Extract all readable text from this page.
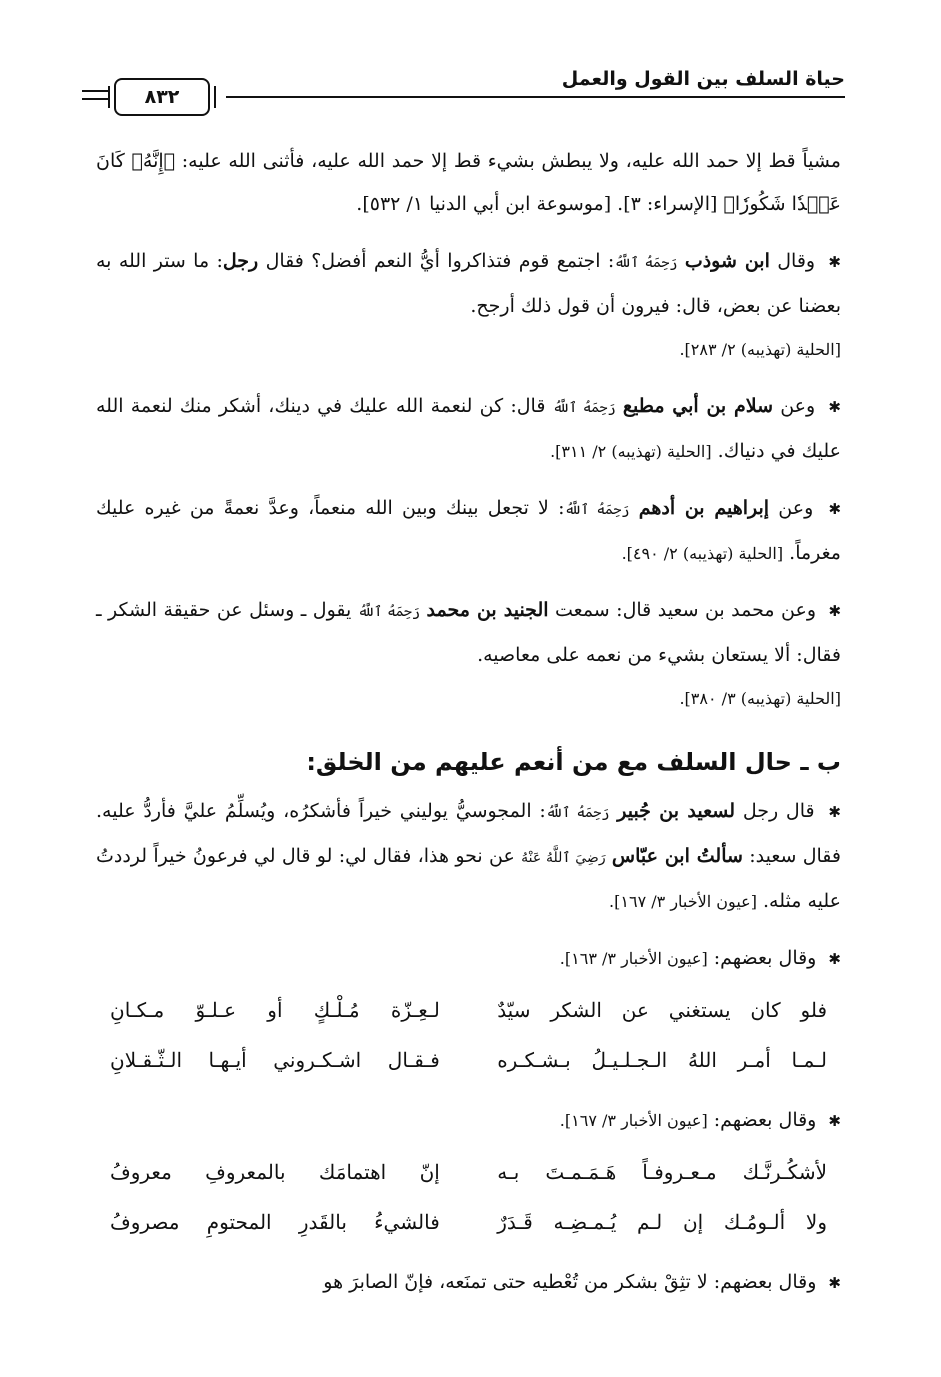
حياة السلف بين القول والعمل
٨٣٢

مشياً قط إلا حمد الله عليه، ولا يبطش بشيء قط إلا حمد الله عليه، فأثنى الله عليه: ﴿إِنَّهُۥ كَانَ عَبۡدٗا شَكُورٗا﴾ [الإسراء: ٣]. [موسوعة ابن أبي الدنيا ١/ ٥٣٢].

✱ وقال ابن شوذب رَحِمَهُ ٱللَّهُ: اجتمع قوم فتذاكروا أيُّ النعم أفضل؟ فقال رجل: ما ستر الله به بعضنا عن بعض، قال: فيرون أن قول ذلك أرجح.
[الحلية (تهذيبه) ٢/ ٢٨٣].

✱ وعن سلام بن أبي مطيع رَحِمَهُ ٱللَّهُ قال: كن لنعمة الله عليك في دينك، أشكر منك لنعمة الله عليك في دنياك. [الحلية (تهذيبه) ٢/ ٣١١].

✱ وعن إبراهيم بن أدهم رَحِمَهُ ٱللَّهُ: لا تجعل بينك وبين الله منعماً، وعدَّ نعمةً من غيره عليك مغرماً. [الحلية (تهذيبه) ٢/ ٤٩٠].

✱ وعن محمد بن سعيد قال: سمعت الجنيد بن محمد رَحِمَهُ ٱللَّهُ يقول ـ وسئل عن حقيقة الشكر ـ فقال: ألا يستعان بشيء من نعمه على معاصيه.
[الحلية (تهذيبه) ٣/ ٣٨٠].

ب ـ حال السلف مع من أنعم عليهم من الخلق:

✱ قال رجل لسعيد بن جُبير رَحِمَهُ ٱللَّهُ: المجوسيُّ يوليني خيراً فأشكرُه، ويُسلِّمُ عليَّ فأردُّ عليه. فقال سعيد: سألتُ ابن عبّاس رَضِيَ ٱللَّهُ عَنْهُ عن نحو هذا، فقال لي: لو قال لي فرعونُ خيراً لرددتُ عليه مثله. [عيون الأخبار ٣/ ١٦٧].

✱ وقال بعضهم: [عيون الأخبار ٣/ ١٦٣].

فلو كان يستغني عن الشكر سيّدٌ
لـعِـزّة مُـلْـكٍ أو عـلـوّ مـكـانِ
لـمـا أمـر اللهُ الـجـلـيـلُ بـشـكـره
فـقـال اشـكـروني أيـهـا الـثّـقـلانِ

✱ وقال بعضهم: [عيون الأخبار ٣/ ١٦٧].

لأشكُـرنَّـك مـعـروفـاً هَـمَـمـتَ بـه
إنّ اهتمامَك بالمعروفِ معروفُ
ولا ألـومُـك إن لـم يُـمـضِـه قَـدَرٌ
فالشيءُ بالقَدرِ المحتومِ مصروفُ

✱ وقال بعضهم: لا تثِقْ بشكر من تُعْطيه حتى تمنَعه، فإنّ الصابرَ هو
